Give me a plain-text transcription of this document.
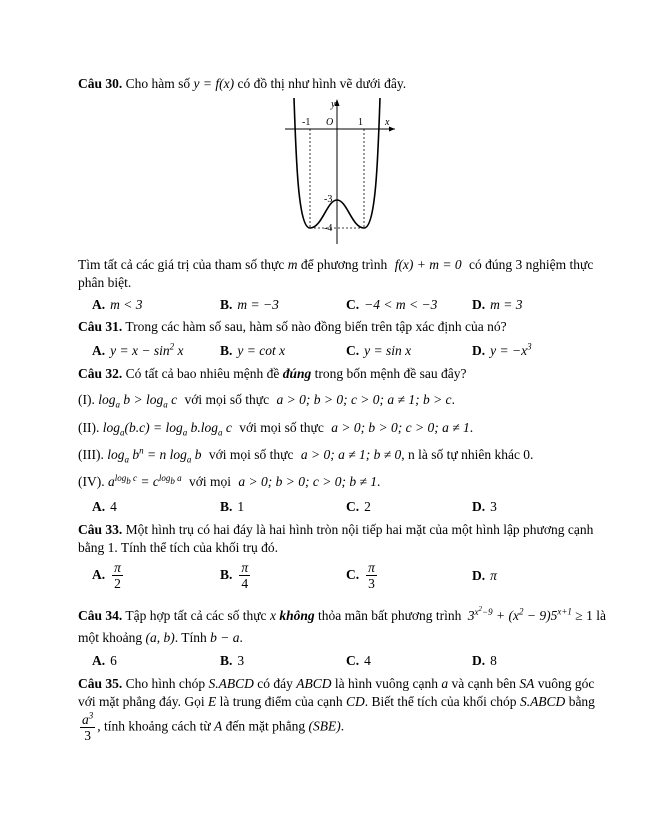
Câu 30. Cho hàm số y = f(x) có đồ thị như hình vẽ dưới đây.
y
x
O
-1	1
-3
-4
Tìm tất cả các giá trị của tham số thực m để phương trình f(x) + m = 0 có đúng 3 nghiệm thực
phân biệt.
A. m < 3	B. m = −3	C. −4 < m < −3	D. m = 3
Câu 31. Trong các hàm số sau, hàm số nào đồng biến trên tập xác định của nó?
A. $y = x - \sin^2 x$	B. y = cot x	C. y = sin x	D. $y = -x^3$
Câu 32. Có tất cả bao nhiêu mệnh đề đúng trong bốn mệnh đề sau đây?
(I). $\log_a b > \log_a c$ với mọi số thực a > 0; b > 0; c > 0; a ≠ 1; b > c.
(II). $\log_a(b.c) = \log_a b.\log_a$ c với mọi số thực a > 0; b > 0; c > 0; a ≠ 1.
(III). $\log_a b^n = n$ $\log_a b$ với mọi số thực a > 0; a ≠ 1; b ≠ 0, n là số tự nhiên khác 0.
(IV). $a^{log_b c} = c^{log_b a}$ với mọi a > 0; b > 0; c > 0; b ≠ 1.
A. 4	B. 1	C. 2	D. 3
Câu 33. Một hình trụ có hai đáy là hai hình tròn nội tiếp hai mặt của một hình lập phương cạnh
bằng 1. Tính thể tích của khối trụ đó.
A. $\frac{\pi}{2}$	B. $\frac{\pi}{4}$	C. $\frac{\pi}{3}$	D. π
Câu 34. Tập hợp tất cả các số thực x không thỏa mãn bất phương trình $3^{x^2-9} + (x^2 - 9)5^{x+1} \ge 1$ là
một khoảng (a, b). Tính b − a.
A. 6	B. 3	C. 4	D. 8
Câu 35. Cho hình chóp S.ABCD có đáy ABCD là hình vuông cạnh a và cạnh bên SA vuông góc
với mặt phẳng đáy. Gọi E là trung điểm của cạnh CD. Biết thể tích của khối chóp S.ABCD bằng
$\frac{a^3}{3}$ , tính khoảng cách từ A đến mặt phẳng (SBE).
